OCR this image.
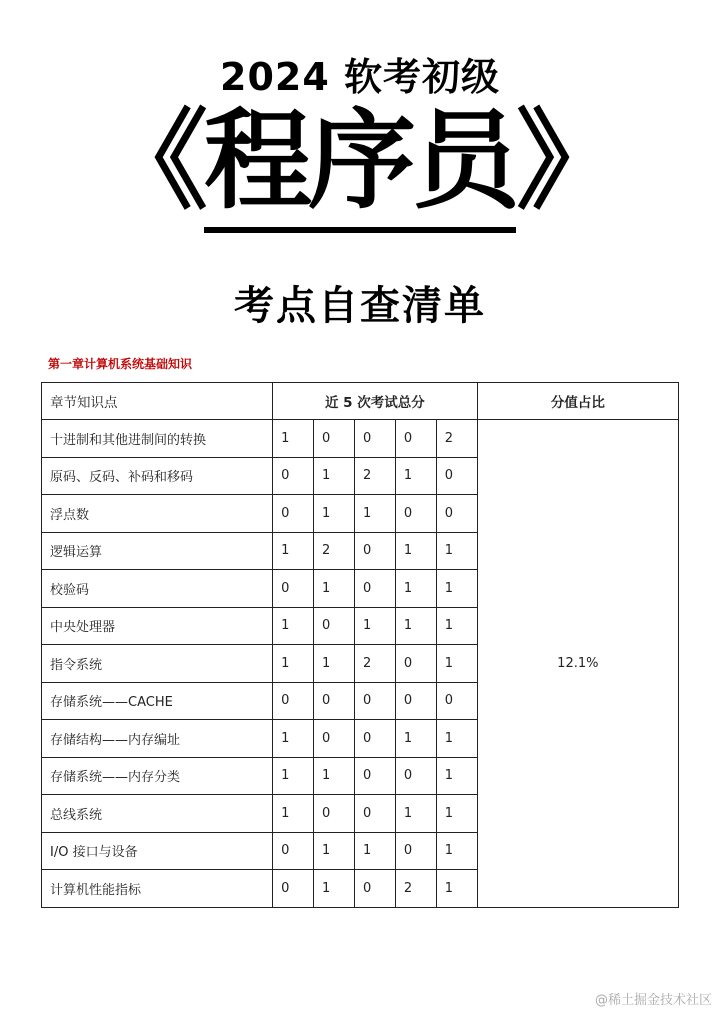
2024 软考初级
《程序员》
考点自查清单
第一章计算机系统基础知识
章节知识点	近 5 次考试总分					分值占比
十进制和其他进制间的转换	1	0	0	0	2	12.1%
原码、反码、补码和移码	0	1	2	1	0	
浮点数	0	1	1	0	0	
逻辑运算	1	2	0	1	1	
校验码	0	1	0	1	1	
中央处理器	1	0	1	1	1	
指令系统	1	1	2	0	1	
存储系统——CACHE	0	0	0	0	0	
存储结构——内存编址	1	0	0	1	1	
存储系统——内存分类	1	1	0	0	1	
总线系统	1	0	0	1	1	
I/O 接口与设备	0	1	1	0	1	
计算机性能指标	0	1	0	2	1	
@稀土掘金技术社区
